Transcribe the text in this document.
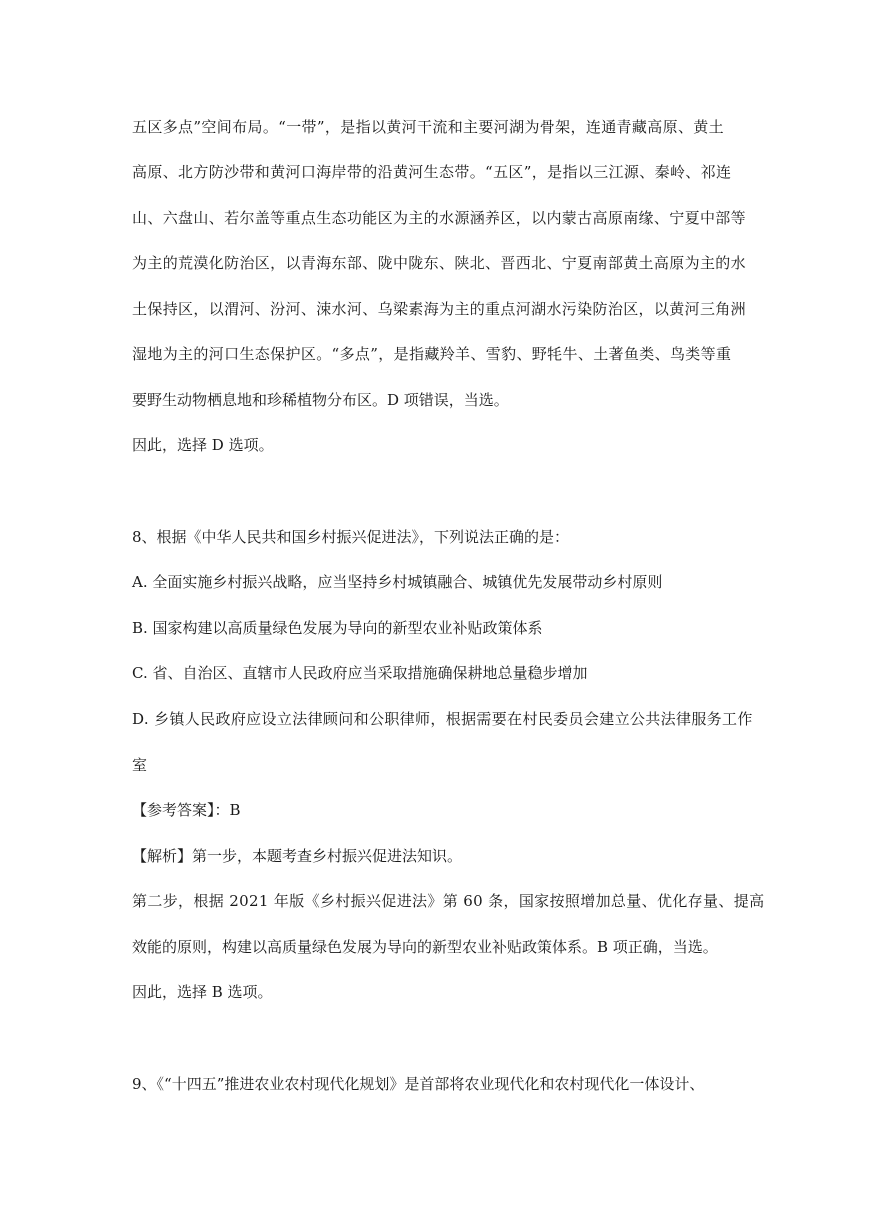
五区多点”空间布局。“一带”，是指以黄河干流和主要河湖为骨架，连通青藏高原、黄土
高原、北方防沙带和黄河口海岸带的沿黄河生态带。“五区”，是指以三江源、秦岭、祁连
山、六盘山、若尔盖等重点生态功能区为主的水源涵养区，以内蒙古高原南缘、宁夏中部等
为主的荒漠化防治区，以青海东部、陇中陇东、陕北、晋西北、宁夏南部黄土高原为主的水
土保持区，以渭河、汾河、涑水河、乌梁素海为主的重点河湖水污染防治区，以黄河三角洲
湿地为主的河口生态保护区。“多点”，是指藏羚羊、雪豹、野牦牛、土著鱼类、鸟类等重
要野生动物栖息地和珍稀植物分布区。D 项错误，当选。
因此，选择 D 选项。
8、根据《中华人民共和国乡村振兴促进法》，下列说法正确的是：
A. 全面实施乡村振兴战略，应当坚持乡村城镇融合、城镇优先发展带动乡村原则
B. 国家构建以高质量绿色发展为导向的新型农业补贴政策体系
C. 省、自治区、直辖市人民政府应当采取措施确保耕地总量稳步增加
D. 乡镇人民政府应设立法律顾问和公职律师，根据需要在村民委员会建立公共法律服务工作
室
【参考答案】：B
【解析】第一步，本题考查乡村振兴促进法知识。
第二步，根据 2021 年版《乡村振兴促进法》第 60 条，国家按照增加总量、优化存量、提高
效能的原则，构建以高质量绿色发展为导向的新型农业补贴政策体系。B 项正确，当选。
因此，选择 B 选项。
9、《“十四五”推进农业农村现代化规划》是首部将农业现代化和农村现代化一体设计、
